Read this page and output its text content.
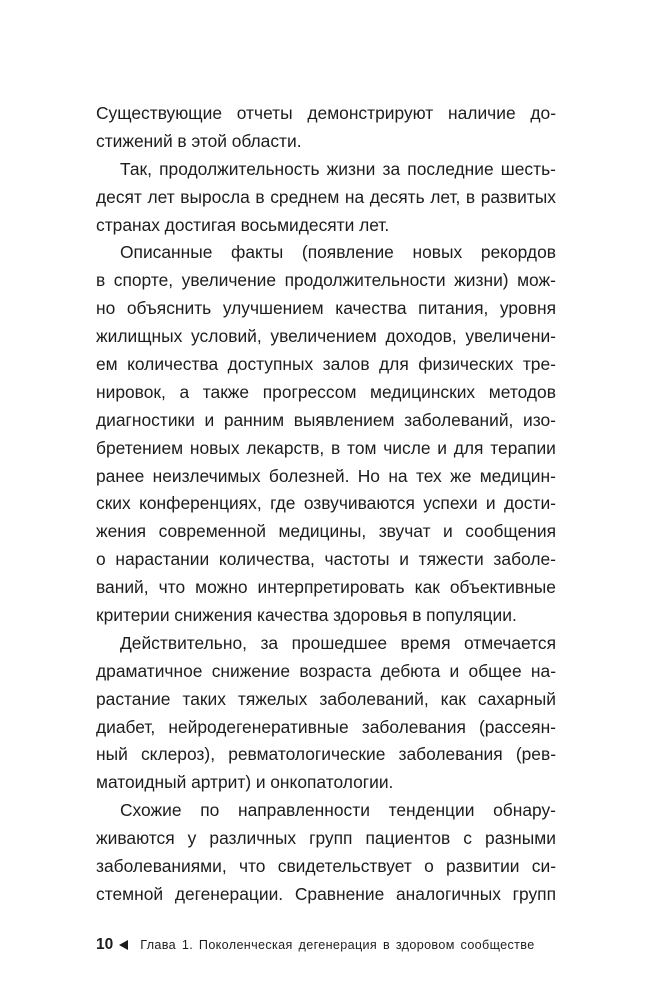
Существующие отчеты демонстрируют наличие до-
стижений в этой области.
Так, продолжительность жизни за последние шесть-
десят лет выросла в среднем на десять лет, в развитых
странах достигая восьмидесяти лет.
Описанные факты (появление новых рекордов
в спорте, увеличение продолжительности жизни) мож-
но объяснить улучшением качества питания, уровня
жилищных условий, увеличением доходов, увеличени-
ем количества доступных залов для физических тре-
нировок, а также прогрессом медицинских методов
диагностики и ранним выявлением заболеваний, изо-
бретением новых лекарств, в том числе и для терапии
ранее неизлечимых болезней. Но на тех же медицин-
ских конференциях, где озвучиваются успехи и дости-
жения современной медицины, звучат и сообщения
о нарастании количества, частоты и тяжести заболе-
ваний, что можно интерпретировать как объективные
критерии снижения качества здоровья в популяции.
Действительно, за прошедшее время отмечается
драматичное снижение возраста дебюта и общее на-
растание таких тяжелых заболеваний, как сахарный
диабет, нейродегенеративные заболевания (рассеян-
ный склероз), ревматологические заболевания (рев-
матоидный артрит) и онкопатологии.
Схожие по направленности тенденции обнару-
живаются у различных групп пациентов с разными
заболеваниями, что свидетельствует о развитии си-
стемной дегенерации. Сравнение аналогичных групп
10 Глава 1. Поколенческая дегенерация в здоровом сообществе
